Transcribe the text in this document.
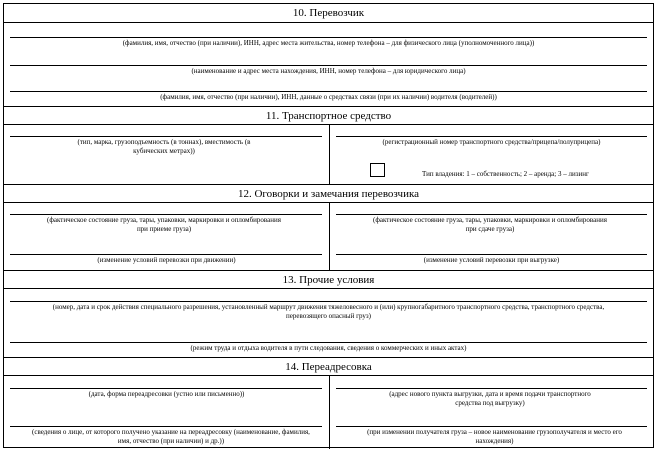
10. Перевозчик
(фамилия, имя, отчество (при наличии), ИНН, адрес места жительства, номер телефона – для физического лица (уполномоченного лица))
(наименование и адрес места нахождения, ИНН, номер телефона – для юридического лица)
(фамилия, имя, отчество (при наличии), ИНН, данные о средствах связи (при их наличии) водителя (водителей))
11. Транспортное средство
(тип, марка, грузоподъемность (в тоннах), вместимость (в кубических метрах))
(регистрационный номер транспортного средства/прицепа/полуприцепа)
Тип владения: 1 – собственность; 2 – аренда; 3 – лизинг
12. Оговорки и замечания перевозчика
(фактическое состояние груза, тары, упаковки, маркировки и опломбирования при приеме груза)
(фактическое состояние груза, тары, упаковки, маркировки и опломбирования при сдаче груза)
(изменение условий перевозки при движении)	(изменение условий перевозки при выгрузке)
13. Прочие условия
(номер, дата и срок действия специального разрешения, установленный маршрут движения тяжеловесного и (или) крупногабаритного транспортного средства, транспортного средства, перевозящего опасный груз)
(режим труда и отдыха водителя в пути следования, сведения о коммерческих и иных актах)
14. Переадресовка
(дата, форма переадресовки (устно или письменно))	(адрес нового пункта выгрузки, дата и время подачи транспортного средства под выгрузку)
(сведения о лице, от которого получено указание на переадресовку (наименование, фамилия, имя, отчество (при наличии) и др.))
(при изменении получателя груза – новое наименование грузополучателя и место его нахождения)
